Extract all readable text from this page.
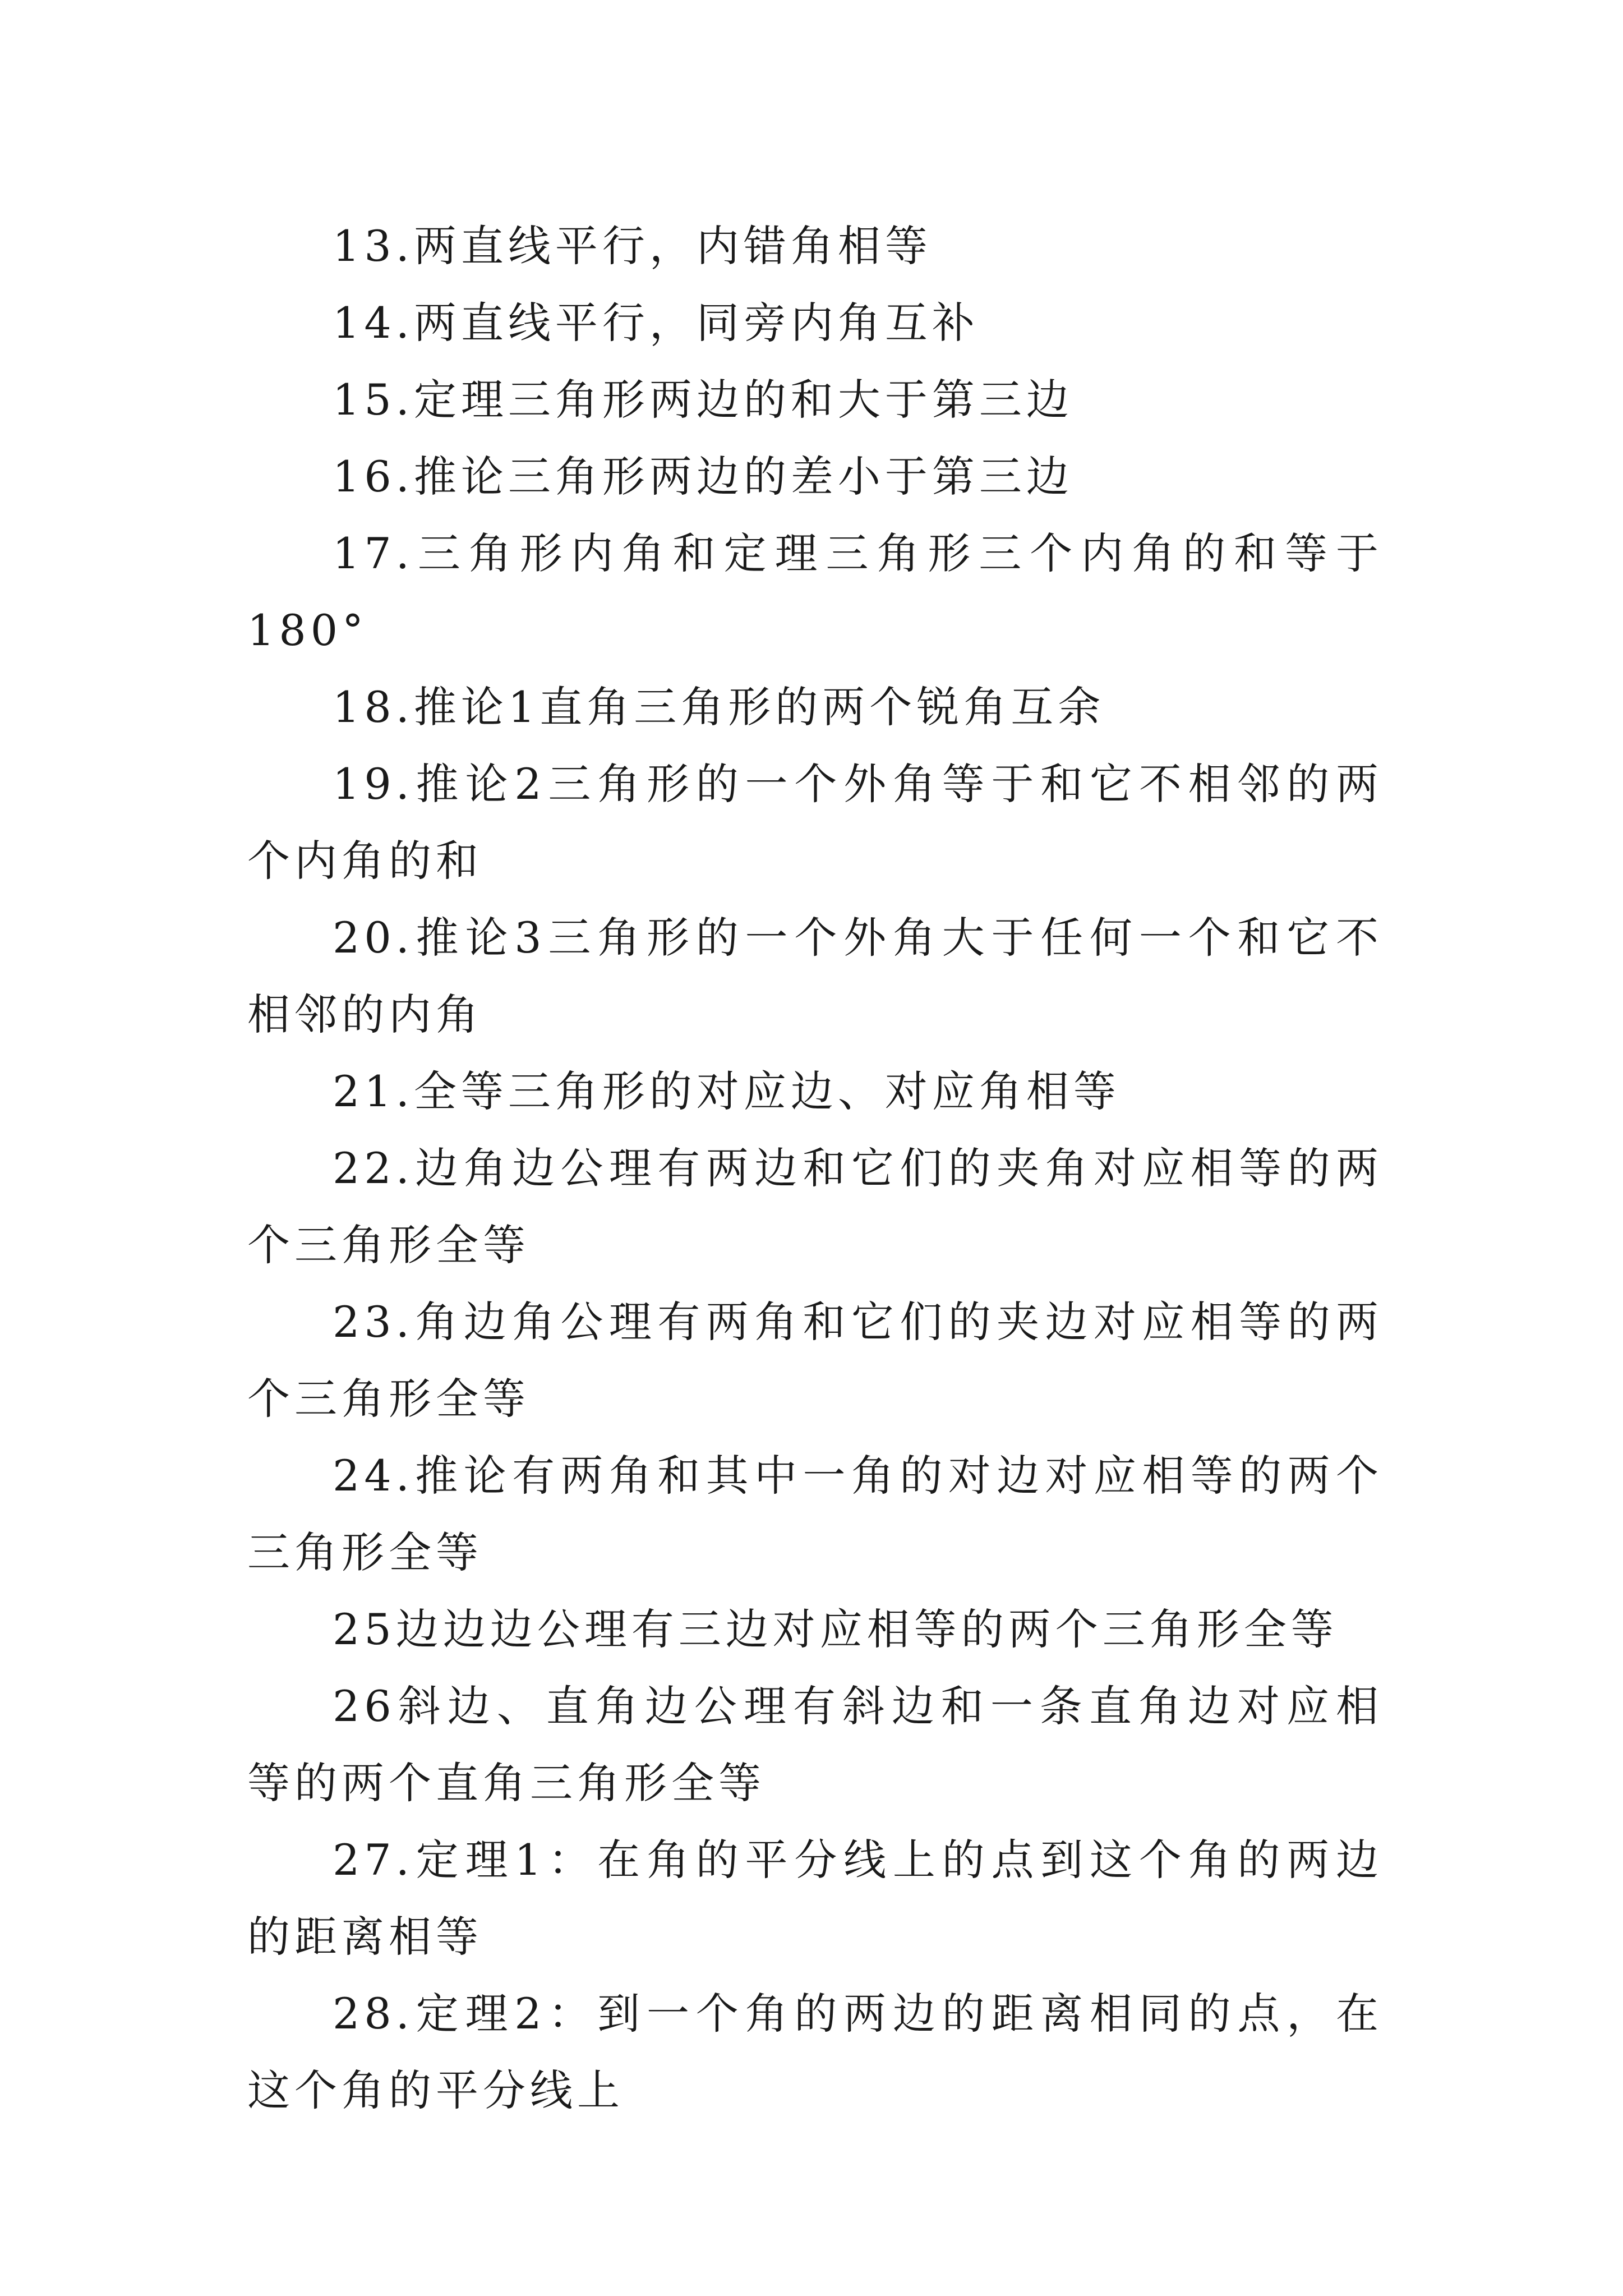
13.两直线平行，内错角相等

14.两直线平行，同旁内角互补

15.定理三角形两边的和大于第三边

16.推论三角形两边的差小于第三边

17.三角形内角和定理三角形三个内角的和等于180°

18.推论1直角三角形的两个锐角互余

19.推论2三角形的一个外角等于和它不相邻的两个内角的和

20.推论3三角形的一个外角大于任何一个和它不相邻的内角

21.全等三角形的对应边、对应角相等

22.边角边公理有两边和它们的夹角对应相等的两个三角形全等

23.角边角公理有两角和它们的夹边对应相等的两个三角形全等

24.推论有两角和其中一角的对边对应相等的两个三角形全等

25边边边公理有三边对应相等的两个三角形全等

26斜边、直角边公理有斜边和一条直角边对应相等的两个直角三角形全等

27.定理1：在角的平分线上的点到这个角的两边的距离相等

28.定理2：到一个角的两边的距离相同的点，在这个角的平分线上
